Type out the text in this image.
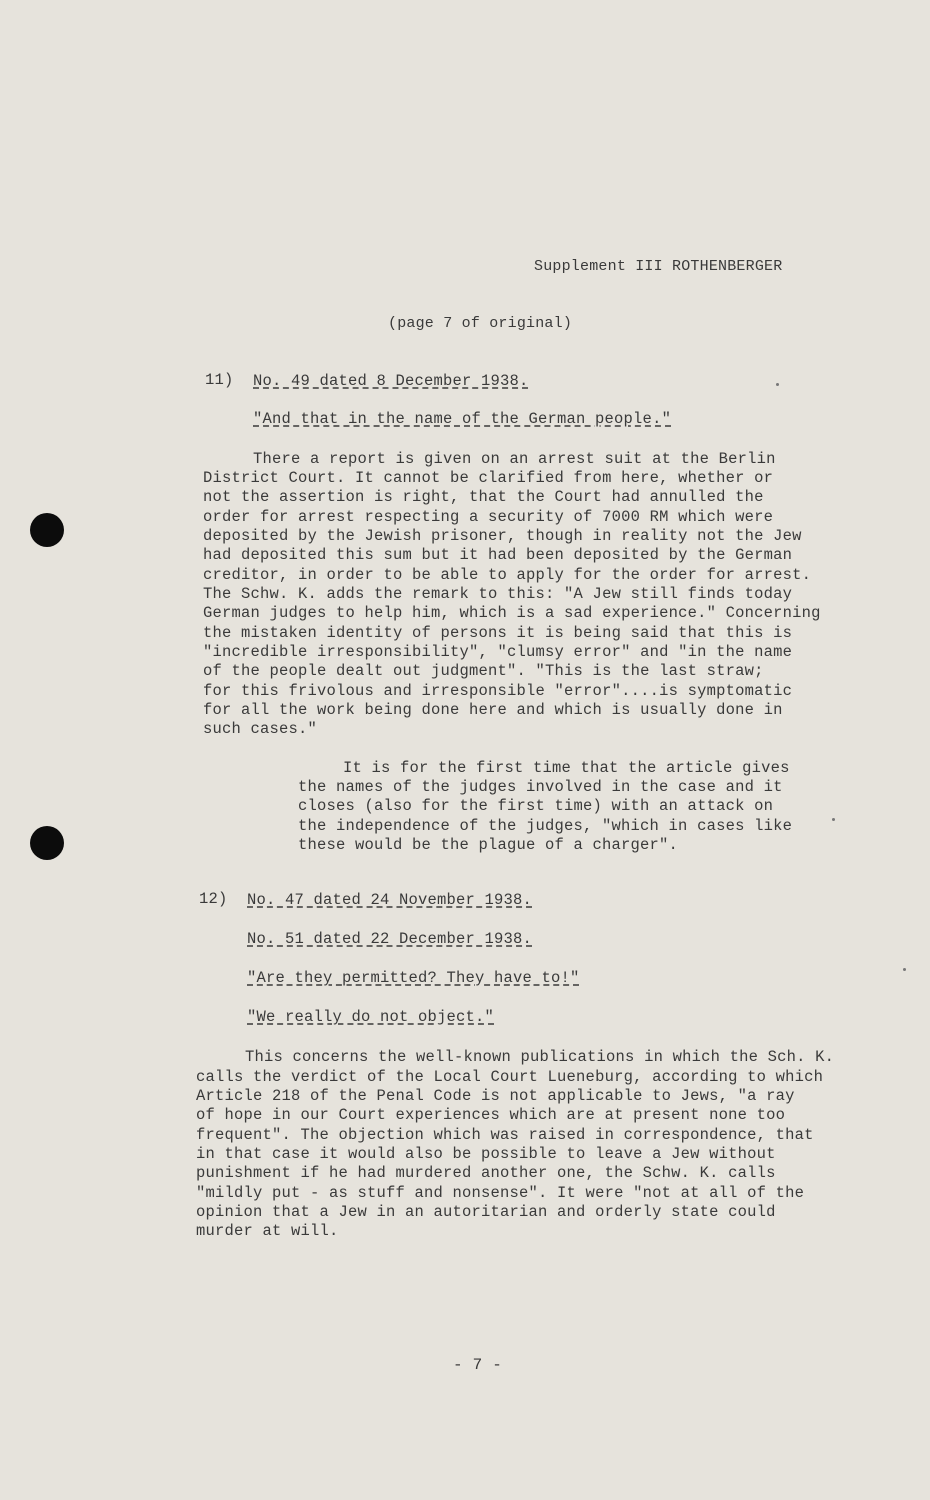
Supplement III ROTHENBERGER
(page 7 of original)
11) No. 49 dated 8 December 1938.
"And that in the name of the German people."
There a report is given on an arrest suit at the Berlin
District Court. It cannot be clarified from here, whether or
not the assertion is right, that the Court had annulled the
order for arrest respecting a security of 7000 RM which were
deposited by the Jewish prisoner, though in reality not the Jew
had deposited this sum but it had been deposited by the German
creditor, in order to be able to apply for the order for arrest.
The Schw. K. adds the remark to this: "A Jew still finds today
German judges to help him, which is a sad experience." Concerning
the mistaken identity of persons it is being said that this is
"incredible irresponsibility", "clumsy error" and "in the name
of the people dealt out judgment". "This is the last straw;
for this frivolous and irresponsible "error"....is symptomatic
for all the work being done here and which is usually done in
such cases."
It is for the first time that the article gives
the names of the judges involved in the case and it
closes (also for the first time) with an attack on
the independence of the judges, "which in cases like
these would be the plague of a charger".
12) No. 47 dated 24 November 1938.
No. 51 dated 22 December 1938.
"Are they permitted? They have to!"
"We really do not object."
This concerns the well-known publications in which the Sch. K.
calls the verdict of the Local Court Lueneburg, according to which
Article 218 of the Penal Code is not applicable to Jews, "a ray
of hope in our Court experiences which are at present none too
frequent". The objection which was raised in correspondence, that
in that case it would also be possible to leave a Jew without
punishment if he had murdered another one, the Schw. K. calls
"mildly put - as stuff and nonsense". It were "not at all of the
opinion that a Jew in an autoritarian and orderly state could
murder at will.
- 7 -
